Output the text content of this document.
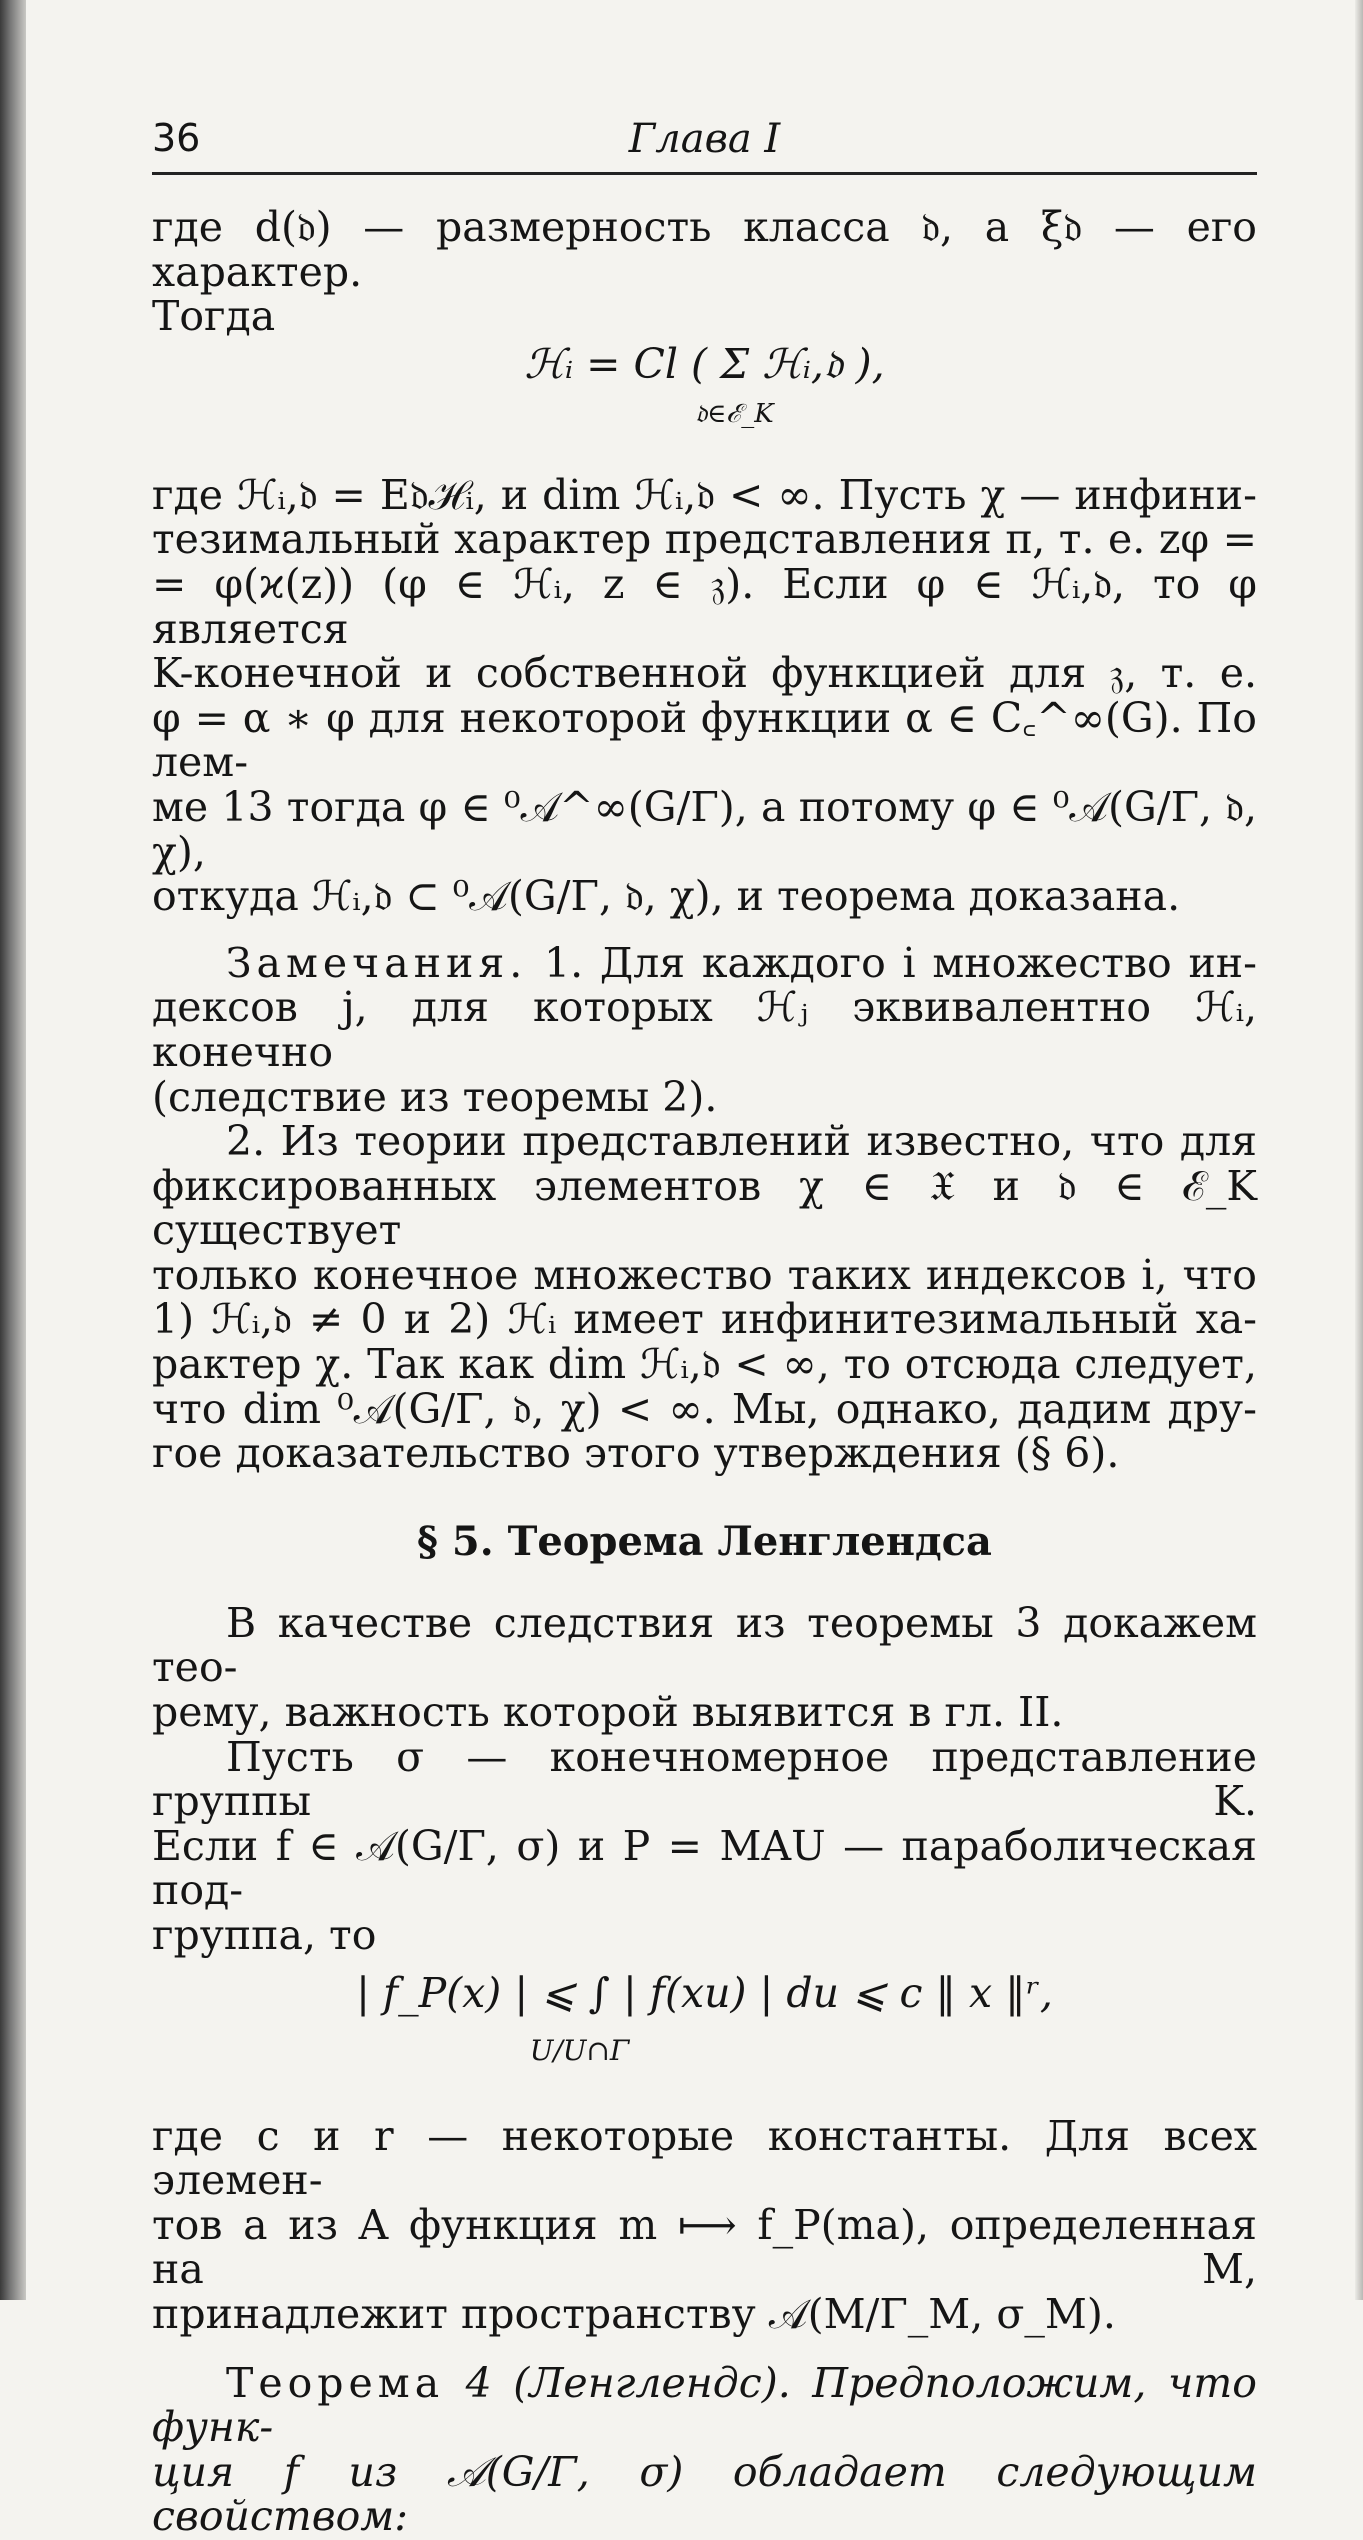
36	Глава I

где d(𝔡) — размерность класса 𝔡, а ξ𝔡 — его характер.

Тогда

ℋᵢ = Cl ( Σ ℋᵢ,𝔡 ),
𝔡∈ℰ_K

где ℋᵢ,𝔡 = E𝔡ℋᵢ, и dim ℋᵢ,𝔡 < ∞. Пусть χ — инфини-

тезимальный характер представления π, т. е. zφ =

= φ(ϰ(z)) (φ ∈ ℋᵢ, z ∈ 𝔷). Если φ ∈ ℋᵢ,𝔡, то φ является

K-конечной и собственной функцией для 𝔷, т. е.

φ = α ∗ φ для некоторой функции α ∈ C꜀^∞(G). По лем-

ме 13 тогда φ ∈ ⁰𝒜^∞(G/Γ), а потому φ ∈ ⁰𝒜(G/Γ, 𝔡, χ),

откуда ℋᵢ,𝔡 ⊂ ⁰𝒜(G/Γ, 𝔡, χ), и теорема доказана.

Замечания. 1. Для каждого i множество ин-

дексов j, для которых ℋⱼ эквивалентно ℋᵢ, конечно

(следствие из теоремы 2).

2. Из теории представлений известно, что для

фиксированных элементов χ ∈ 𝔛 и 𝔡 ∈ ℰ_K существует

только конечное множество таких индексов i, что

1) ℋᵢ,𝔡 ≠ 0 и 2) ℋᵢ имеет инфинитезимальный ха-

рактер χ. Так как dim ℋᵢ,𝔡 < ∞, то отсюда следует,

что dim ⁰𝒜(G/Γ, 𝔡, χ) < ∞. Мы, однако, дадим дру-

гое доказательство этого утверждения (§ 6).

§ 5. Теорема Ленглендса

В качестве следствия из теоремы 3 докажем тео-

рему, важность которой выявится в гл. II.

Пусть σ — конечномерное представление группы K.

Если f ∈ 𝒜(G/Γ, σ) и P = MAU — параболическая под-

группа, то

| f_P(x) | ⩽ ∫ | f(xu) | du ⩽ c ‖ x ‖ʳ,
U/U∩Γ

где c и r — некоторые константы. Для всех элемен-

тов a из A функция m ⟼ f_P(ma), определенная на M,

принадлежит пространству 𝒜(M/Γ_M, σ_M).

Теорема 4 (Ленглендс). Предположим, что функ-

ция f из 𝒜(G/Γ, σ) обладает следующим свойством:
